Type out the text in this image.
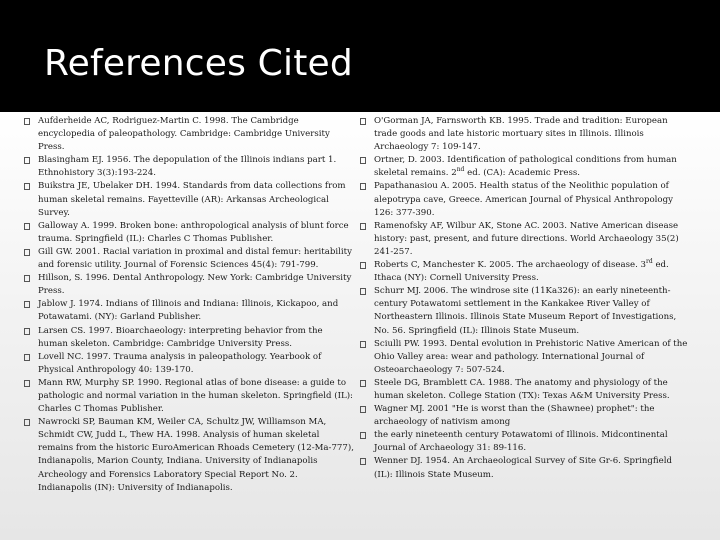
References Cited
Aufderheide AC, Rodriguez-Martin C. 1998. The Cambridge encyclopedia of paleopathology. Cambridge: Cambridge University Press.
Blasingham EJ. 1956. The depopulation of the Illinois indians part 1. Ethnohistory 3(3):193-224.
Buikstra JE, Ubelaker DH. 1994. Standards from data collections from human skeletal remains. Fayetteville (AR): Arkansas Archeological Survey.
Galloway A. 1999. Broken bone: anthropological analysis of blunt force trauma. Springfield (IL): Charles C Thomas Publisher.
Gill GW. 2001. Racial variation in proximal and distal femur: heritability and forensic utility. Journal of Forensic Sciences 45(4): 791-799.
Hillson, S. 1996. Dental Anthropology. New York: Cambridge University Press.
Jablow J. 1974. Indians of Illinois and Indiana: Illinois, Kickapoo, and Potawatami. (NY): Garland Publisher.
Larsen CS. 1997. Bioarchaeology: interpreting behavior from the human skeleton. Cambridge: Cambridge University Press.
Lovell NC. 1997. Trauma analysis in paleopathology. Yearbook of Physical Anthropology 40: 139-170.
Mann RW, Murphy SP. 1990. Regional atlas of bone disease: a guide to pathologic and normal variation in the human skeleton. Springfield (IL): Charles C Thomas Publisher.
Nawrocki SP, Bauman KM, Weiler CA, Schultz JW, Williamson MA, Schmidt CW, Judd L, Thew HA. 1998. Analysis of human skeletal remains from the historic EuroAmerican Rhoads Cemetery (12-Ma-777), Indianapolis, Marion County, Indiana. University of Indianapolis Archeology and Forensics Laboratory Special Report No. 2. Indianapolis (IN): University of Indianapolis.
O'Gorman JA, Farnsworth KB. 1995. Trade and tradition: European trade goods and late historic mortuary sites in Illinois. Illinois Archaeology 7: 109-147.
Ortner, D. 2003. Identification of pathological conditions from human skeletal remains. 2nd ed. (CA): Academic Press.
Papathanasiou A. 2005. Health status of the Neolithic population of alepotrypa cave, Greece. American Journal of Physical Anthropology 126: 377-390.
Ramenofsky AF, Wilbur AK, Stone AC. 2003. Native American disease history: past, present, and future directions. World Archaeology 35(2) 241-257.
Roberts C, Manchester K. 2005. The archaeology of disease. 3rd ed. Ithaca (NY): Cornell University Press.
Schurr MJ. 2006. The windrose site (11Ka326): an early nineteenth-century Potawatomi settlement in the Kankakee River Valley of Northeastern Illinois. Illinois State Museum Report of Investigations, No. 56. Springfield (IL): Illinois State Museum.
Sciulli PW. 1993. Dental evolution in Prehistoric Native American of the Ohio Valley area: wear and pathology. International Journal of Osteoarchaeology 7: 507-524.
Steele DG, Bramblett CA. 1988. The anatomy and physiology of the human skeleton. College Station (TX): Texas A&M University Press.
Wagner MJ. 2001 "He is worst than the (Shawnee) prophet": the archaeology of nativism among
the early nineteenth century Potawatomi of Illinois. Midcontinental Journal of Archaeology 31: 89-116.
Wenner DJ. 1954. An Archaeological Survey of Site Gr-6. Springfield (IL): Illinois State Museum.
